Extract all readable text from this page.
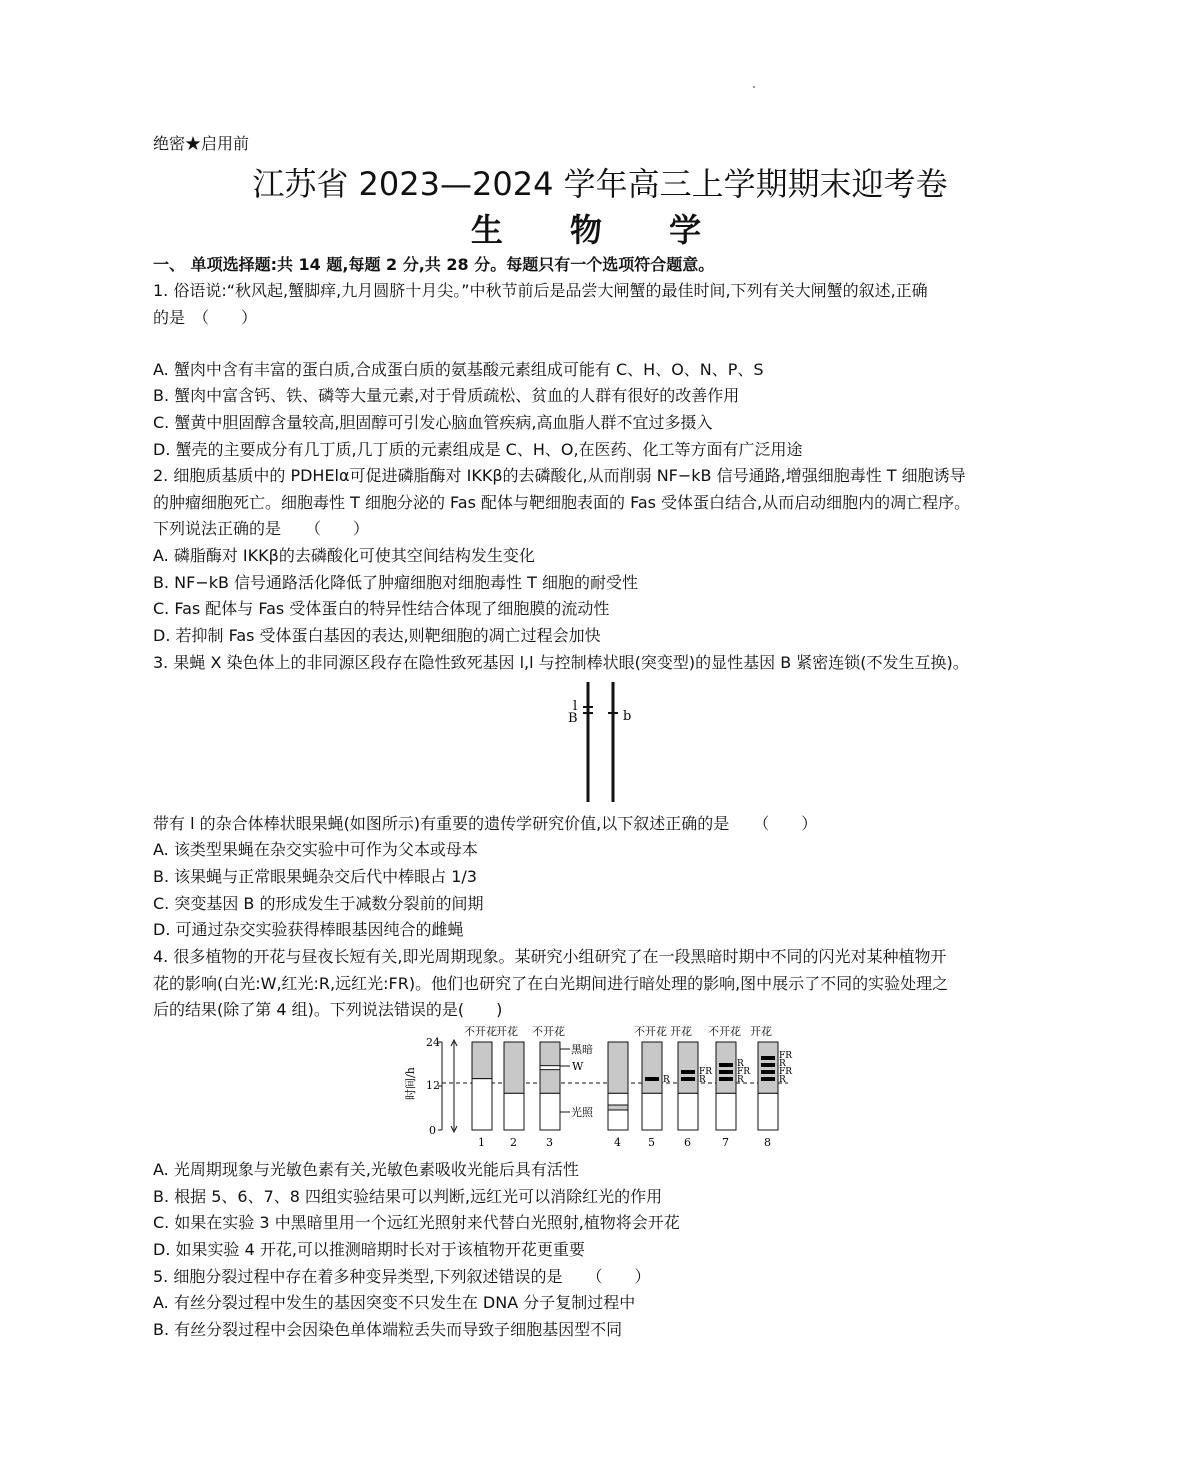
绝密★启用前
江苏省 2023—2024 学年高三上学期期末迎考卷
生 物 学
一、 单项选择题:共 14 题,每题 2 分,共 28 分。每题只有一个选项符合题意。
1. 俗语说:“秋风起,蟹脚痒,九月圆脐十月尖。”中秋节前后是品尝大闸蟹的最佳时间,下列有关大闸蟹的叙述,正确
的是　（　　）
A. 蟹肉中含有丰富的蛋白质,合成蛋白质的氨基酸元素组成可能有 C、H、O、N、P、S
B. 蟹肉中富含钙、铁、磷等大量元素,对于骨质疏松、贫血的人群有很好的改善作用
C. 蟹黄中胆固醇含量较高,胆固醇可引发心脑血管疾病,高血脂人群不宜过多摄入
D. 蟹壳的主要成分有几丁质,几丁质的元素组成是 C、H、O,在医药、化工等方面有广泛用途
2. 细胞质基质中的 PDHElα可促进磷脂酶对 IKKβ的去磷酸化,从而削弱 NF−kB 信号通路,增强细胞毒性 T 细胞诱导
的肿瘤细胞死亡。细胞毒性 T 细胞分泌的 Fas 配体与靶细胞表面的 Fas 受体蛋白结合,从而启动细胞内的凋亡程序。
下列说法正确的是　　（　　）
A. 磷脂酶对 IKKβ的去磷酸化可使其空间结构发生变化
B. NF−kB 信号通路活化降低了肿瘤细胞对细胞毒性 T 细胞的耐受性
C. Fas 配体与 Fas 受体蛋白的特异性结合体现了细胞膜的流动性
D. 若抑制 Fas 受体蛋白基因的表达,则靶细胞的凋亡过程会加快
3. 果蝇 X 染色体上的非同源区段存在隐性致死基因 l,l 与控制棒状眼(突变型)的显性基因 B 紧密连锁(不发生互换)。
l
B	b
带有 l 的杂合体棒状眼果蝇(如图所示)有重要的遗传学研究价值,以下叙述正确的是　　（　　）
A. 该类型果蝇在杂交实验中可作为父本或母本
B. 该果蝇与正常眼果蝇杂交后代中棒眼占 1/3
C. 突变基因 B 的形成发生于减数分裂前的间期
D. 可通过杂交实验获得棒眼基因纯合的雌蝇
4. 很多植物的开花与昼夜长短有关,即光周期现象。某研究小组研究了在一段黑暗时期中不同的闪光对某种植物开
花的影响(白光:W,红光:R,远红光:FR)。他们也研究了在白光期间进行暗处理的影响,图中展示了不同的实验处理之
后的结果(除了第 4 组)。下列说法错误的是(　　)
24
12
0
时间/h
1
不开花
2
开花
3
不开花
4 5
不开花
6
开花
7
不开花
8
开花
R
FR
R
R
FR
R
FR
R
FR
R
黑暗
W
光照
A. 光周期现象与光敏色素有关,光敏色素吸收光能后具有活性
B. 根据 5、6、7、8 四组实验结果可以判断,远红光可以消除红光的作用
C. 如果在实验 3 中黑暗里用一个远红光照射来代替白光照射,植物将会开花
D. 如果实验 4 开花,可以推测暗期时长对于该植物开花更重要
5. 细胞分裂过程中存在着多种变异类型,下列叙述错误的是　　（　　）
A. 有丝分裂过程中发生的基因突变不只发生在 DNA 分子复制过程中
B. 有丝分裂过程中会因染色单体端粒丢失而导致子细胞基因型不同
